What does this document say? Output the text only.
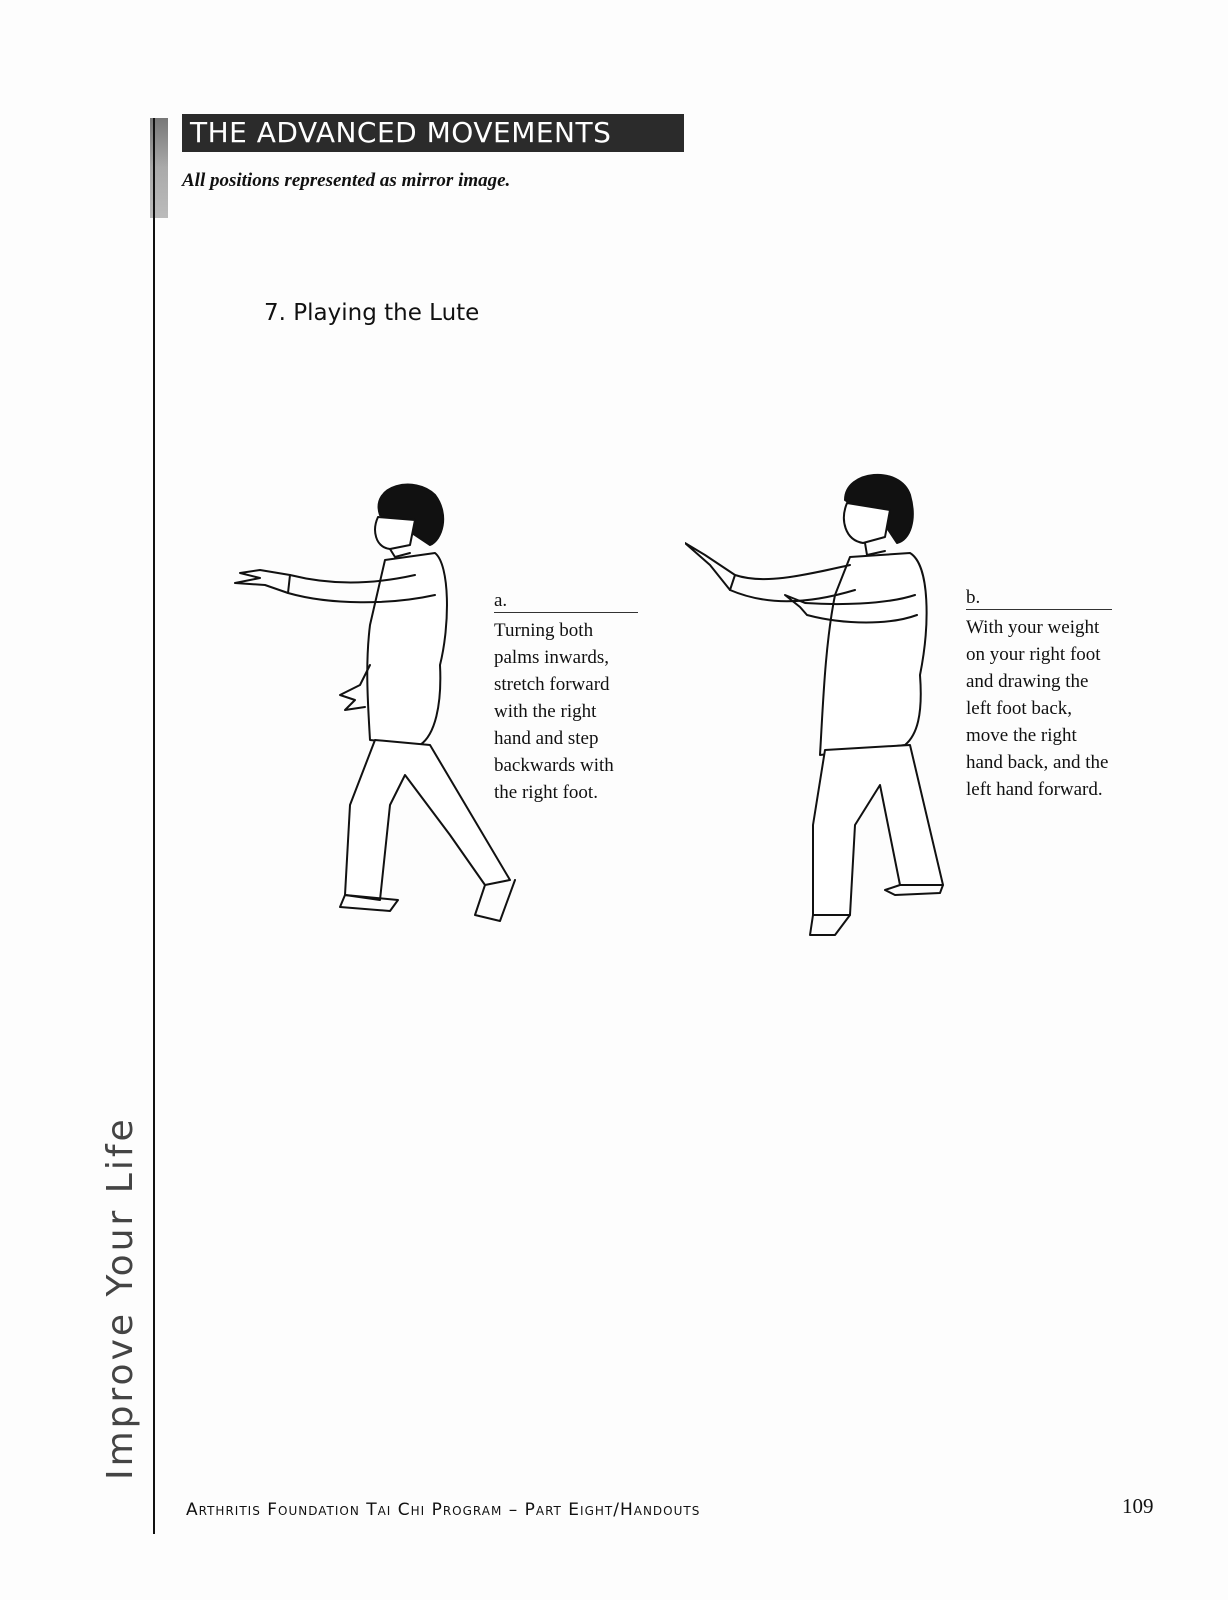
THE ADVANCED MOVEMENTS
All positions represented as mirror image.
7. Playing the Lute
a.
Turning both palms inwards, stretch forward with the right hand and step backwards with the right foot.
b.
With your weight on your right foot and drawing the left foot back, move the right hand back, and the left hand forward.
Improve Your Life
Arthritis Foundation Tai Chi Program – Part Eight/Handouts	109
